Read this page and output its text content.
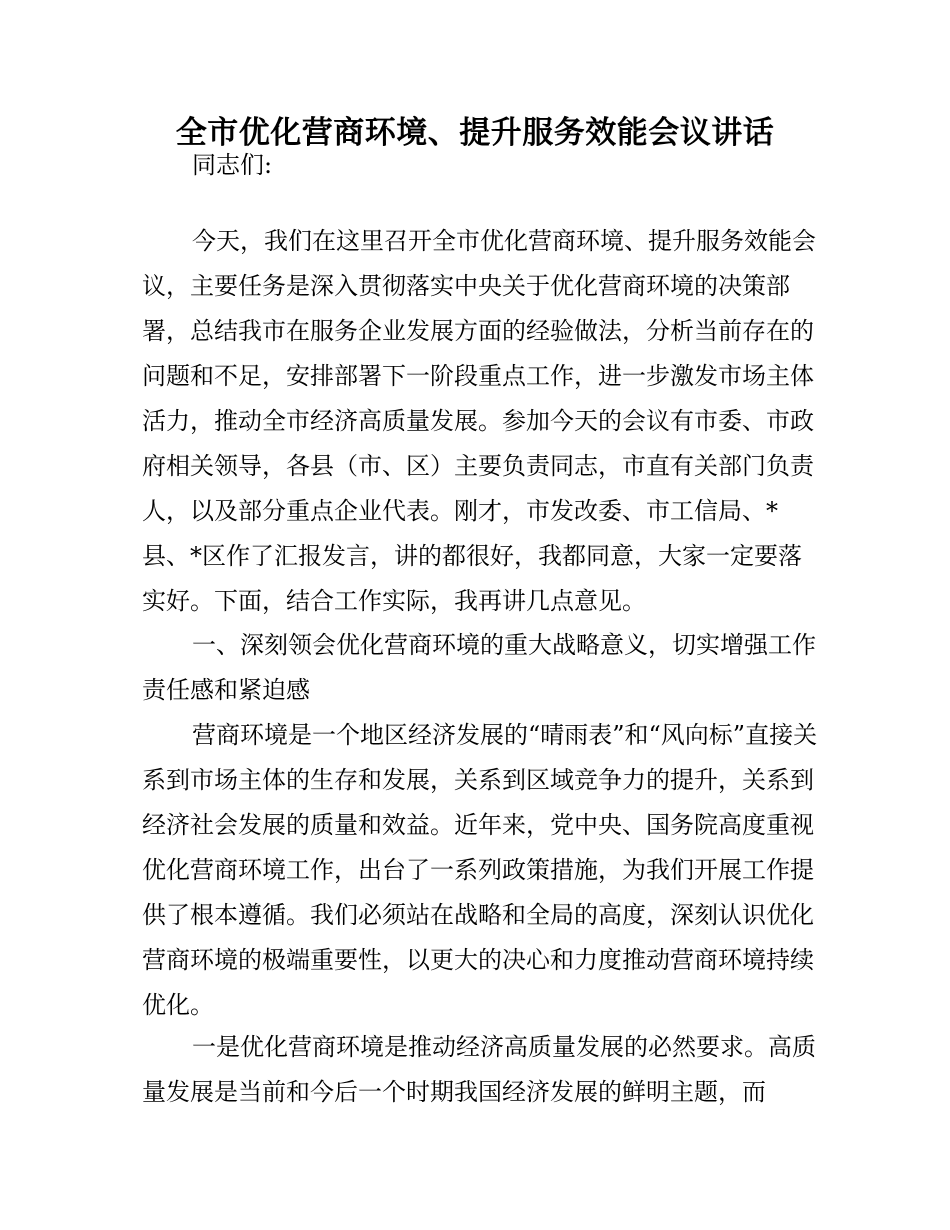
全市优化营商环境、提升服务效能会议讲话

同志们:

今天，我们在这里召开全市优化营商环境、提升服务效能会议，主要任务是深入贯彻落实中央关于优化营商环境的决策部署，总结我市在服务企业发展方面的经验做法，分析当前存在的问题和不足，安排部署下一阶段重点工作，进一步激发市场主体活力，推动全市经济高质量发展。参加今天的会议有市委、市政府相关领导，各县（市、区）主要负责同志，市直有关部门负责人，以及部分重点企业代表。刚才，市发改委、市工信局、*县、*区作了汇报发言，讲的都很好，我都同意，大家一定要落实好。下面，结合工作实际，我再讲几点意见。

一、深刻领会优化营商环境的重大战略意义，切实增强工作责任感和紧迫感

营商环境是一个地区经济发展的“晴雨表”和“风向标”直接关系到市场主体的生存和发展，关系到区域竞争力的提升，关系到经济社会发展的质量和效益。近年来，党中央、国务院高度重视优化营商环境工作，出台了一系列政策措施，为我们开展工作提供了根本遵循。我们必须站在战略和全局的高度，深刻认识优化营商环境的极端重要性，以更大的决心和力度推动营商环境持续优化。

一是优化营商环境是推动经济高质量发展的必然要求。高质量发展是当前和今后一个时期我国经济发展的鲜明主题，而
